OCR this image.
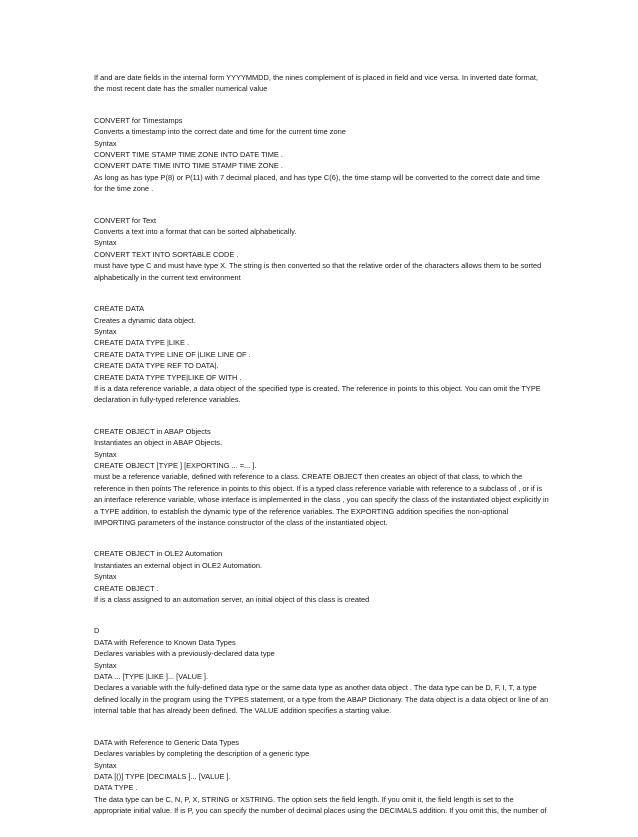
If and are date fields in the internal form YYYYMMDD, the nines complement of is placed in field and vice versa. In inverted date format,
the most recent date has the smaller numerical value
CONVERT for Timestamps
Converts a timestamp into the correct date and time for the current time zone
Syntax
CONVERT TIME STAMP TIME ZONE INTO DATE TIME .
CONVERT DATE TIME INTO TIME STAMP TIME ZONE .
As long as has type P(8) or P(11) with 7 decimal placed, and has type C(6), the time stamp will be converted to the correct date and time
for the time zone .
CONVERT for Text
Converts a text into a format that can be sorted alphabetically.
Syntax
CONVERT TEXT INTO SORTABLE CODE .
must have type C and must have type X. The string is then converted so that the relative order of the characters allows them to be sorted
alphabetically in the current text environment
CREATE DATA
Creates a dynamic data object.
Syntax
CREATE DATA TYPE |LIKE .
CREATE DATA TYPE LINE OF |LIKE LINE OF .
CREATE DATA TYPE REF TO DATA|.
CREATE DATA TYPE TYPE|LIKE OF WITH .
If is a data reference variable, a data object of the specified type is created. The reference in points to this object. You can omit the TYPE
declaration in fully-typed reference variables.
CREATE OBJECT in ABAP Objects
Instantiates an object in ABAP Objects.
Syntax
CREATE OBJECT [TYPE ] [EXPORTING ... =... ].
must be a reference variable, defined with reference to a class. CREATE OBJECT then creates an object of that class, to which the
reference in then points The reference in points to this object. If is a typed class reference variable with reference to a subclass of , or if is
an interface reference variable, whose interface is implemented in the class , you can specify the class of the instantiated object explicitly in
a TYPE addition, to establish the dynamic type of the reference variables. The EXPORTING addition specifies the non-optional
IMPORTING parameters of the instance constructor of the class of the instantiated object.
CREATE OBJECT in OLE2 Automation
Instantiates an external object in OLE2 Automation.
Syntax
CREATE OBJECT .
If is a class assigned to an automation server, an initial object of this class is created
D
DATA with Reference to Known Data Types
Declares variables with a previously-declared data type
Syntax
DATA ... [TYPE |LIKE ]... [VALUE ].
Declares a variable with the fully-defined data type or the same data type as another data object . The data type can be D, F, I, T, a type
defined locally in the program using the TYPES statement, or a type from the ABAP Dictionary. The data object is a data object or line of an
internal table that has already been defined. The VALUE addition specifies a starting value.
DATA with Reference to Generic Data Types
Declares variables by completing the description of a generic type
Syntax
DATA [()] TYPE [DECIMALS ]... [VALUE ].
DATA TYPE .
The data type can be C, N, P, X, STRING or XSTRING. The option sets the field length. If you omit it, the field length is set to the
appropriate initial value. If is P, you can specify the number of decimal places using the DECIMALS addition. If you omit this, the number of
